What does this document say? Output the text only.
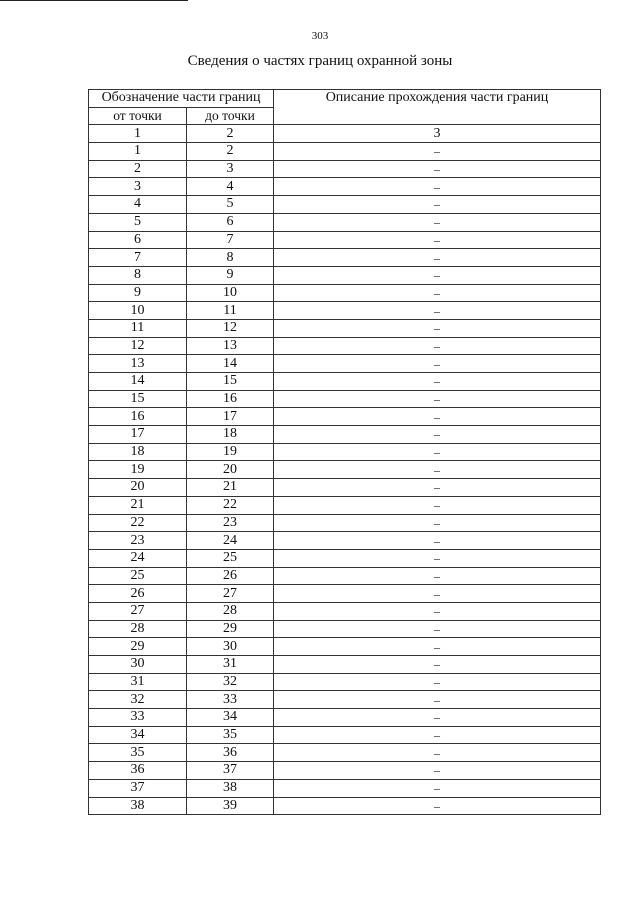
303
Сведения о частях границ охранной зоны
Обозначение части границ		Описание прохождения части границ
от точки	до точки	
1	2	3
1	2	–
2	3	–
3	4	–
4	5	–
5	6	–
6	7	–
7	8	–
8	9	–
9	10	–
10	11	–
11	12	–
12	13	–
13	14	–
14	15	–
15	16	–
16	17	–
17	18	–
18	19	–
19	20	–
20	21	–
21	22	–
22	23	–
23	24	–
24	25	–
25	26	–
26	27	–
27	28	–
28	29	–
29	30	–
30	31	–
31	32	–
32	33	–
33	34	–
34	35	–
35	36	–
36	37	–
37	38	–
38	39	–
